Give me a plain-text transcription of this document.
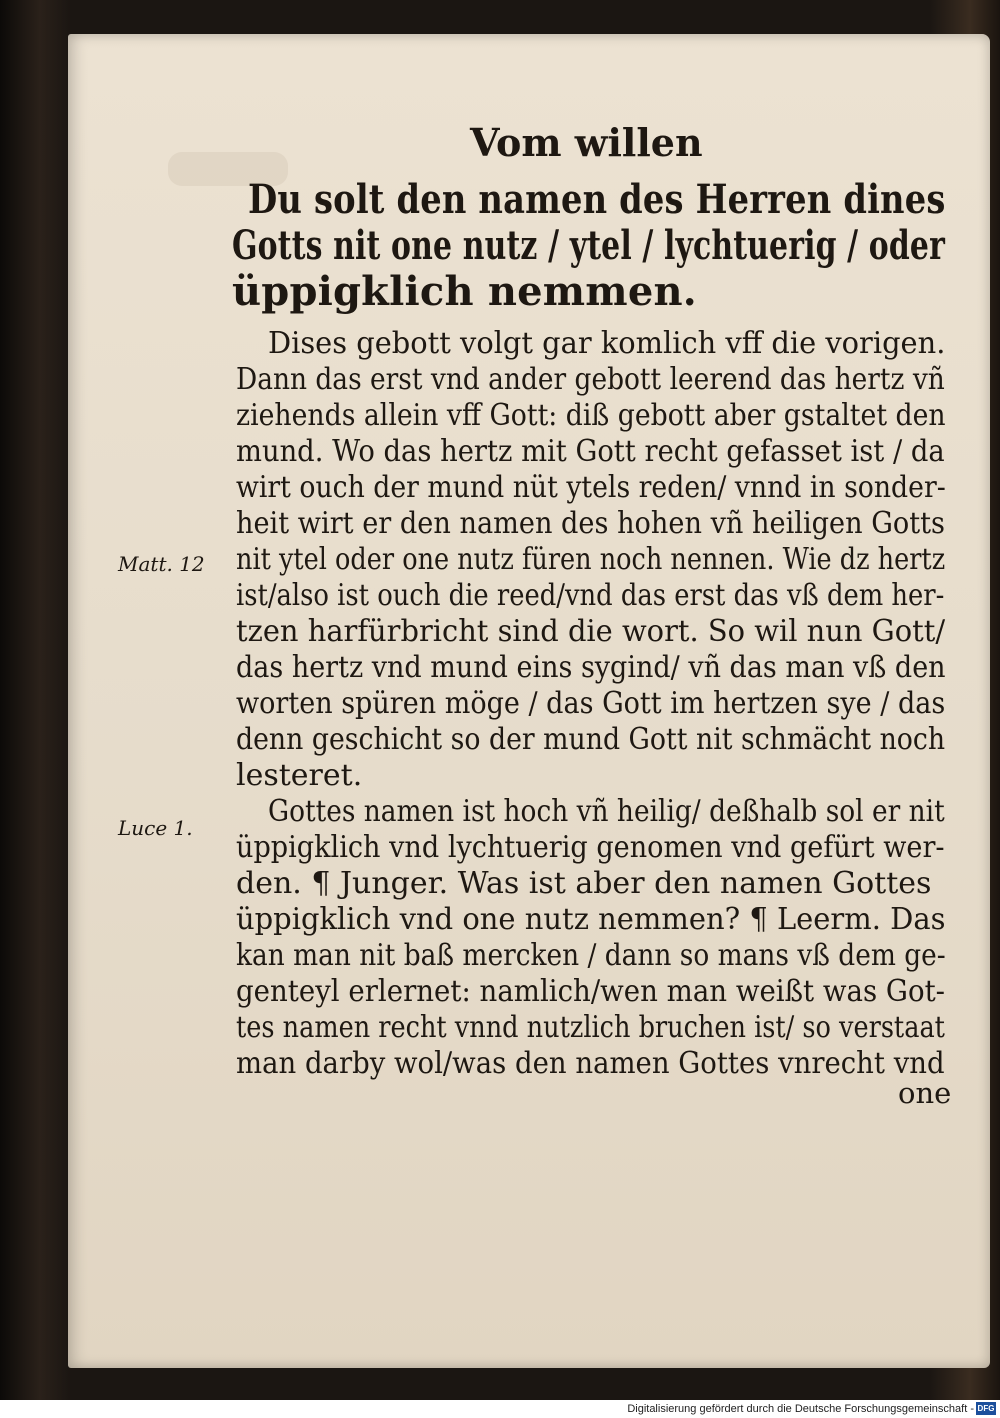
Vom willen
Du solt den namen des Herren dines
Gotts nit one nutz / ytel / lychtuerig / oder
üppigklich nemmen.
Dises gebott volgt gar komlich vff die vorigen.
Dann das erst vnd ander gebott leerend das hertz vñ
ziehends allein vff Gott: diß gebott aber gstaltet den
mund. Wo das hertz mit Gott recht gefasset ist / da
wirt ouch der mund nüt ytels reden/ vnnd in sonder-
heit wirt er den namen des hohen vñ heiligen Gotts
nit ytel oder one nutz füren noch nennen. Wie dz hertz
ist/also ist ouch die reed/vnd das erst das vß dem her-
tzen harfürbricht sind die wort. So wil nun Gott/
das hertz vnd mund eins sygind/ vñ das man vß den
worten spüren möge / das Gott im hertzen sye / das
denn geschicht so der mund Gott nit schmächt noch
lesteret.
Gottes namen ist hoch vñ heilig/ deßhalb sol er nit
üppigklich vnd lychtuerig genomen vnd gefürt wer-
den. ¶ Junger. Was ist aber den namen Gottes
üppigklich vnd one nutz nemmen? ¶ Leerm. Das
kan man nit baß mercken / dann so mans vß dem ge-
genteyl erlernet: namlich/wen man weißt was Got-
tes namen recht vnnd nutzlich bruchen ist/ so verstaat
man darby wol/was den namen Gottes vnrecht vnd
Matt. 12
Luce 1.
one
Digitalisierung gefördert durch die Deutsche Forschungsgemeinschaft - DFG
